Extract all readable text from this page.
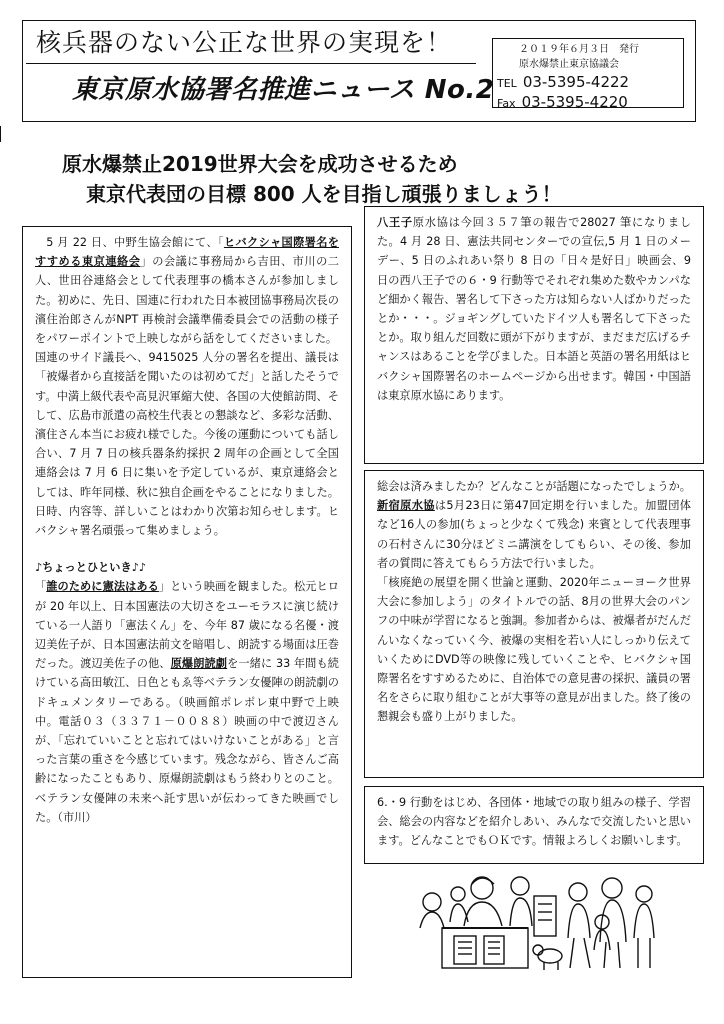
核兵器のない公正な世界の実現を！
東京原水協署名推進ニュース No.2
２０１９年６月３日　発行
原水爆禁止東京協議会
TEL 03-5395-4222
Fax 03-5395-4220
原水爆禁止2019世界大会を成功させるため
東京代表団の目標 800 人を目指し頑張りましょう！

5 月 22 日、中野生協会館にて、「ヒバクシャ国際署名をすすめる東京連絡会」の会議に事務局から吉田、市川の二人、世田谷連絡会として代表理事の橋本さんが参加しました。初めに、先日、国連に行われた日本被団協事務局次長の濱住治郎さんがNPT 再検討会議準備委員会での活動の様子をパワーポイントで上映しながら話をしてくださいました。

国連のサイド議長へ、9415025 人分の署名を提出、議長は「被爆者から直接話を聞いたのは初めてだ」と話したそうです。中満上級代表や高見沢軍縮大使、各国の大使館訪問、そして、広島市派遣の高校生代表との懇談など、多彩な活動、濱住さん本当にお疲れ様でした。今後の運動についても話し合い、7 月 7 日の核兵器条約採択 2 周年の企画として全国連絡会は 7 月 6 日に集いを予定しているが、東京連絡会としては、昨年同様、秋に独自企画をやることになりました。日時、内容等、詳しいことはわかり次第お知らせします。ヒバクシャ署名頑張って集めましょう。

♪ちょっとひといき♪♪

「誰のために憲法はある」という映画を観ました。松元ヒロが 20 年以上、日本国憲法の大切さをユーモラスに演じ続けている一人語り「憲法くん」を、今年 87 歳になる名優・渡辺美佐子が、日本国憲法前文を暗唱し、朗読する場面は圧巻だった。渡辺美佐子の他、原爆朗読劇を一緒に 33 年間も続けている高田敏江、日色ともゑ等ベテラン女優陣の朗読劇のドキュメンタリーである。（映画館ポレポレ東中野で上映中。電話０３（３３７１－００８８）映画の中で渡辺さんが、「忘れていいことと忘れてはいけないことがある」と言った言葉の重さを今感じています。残念ながら、皆さんご高齢になったこともあり、原爆朗読劇はもう終わりとのこと。ベテラン女優陣の未来へ託す思いが伝わってきた映画でした。（市川）

八王子原水協は今回３５７筆の報告で28027 筆になりました。4 月 28 日、憲法共同センターでの宣伝,5 月 1 日のメーデー、5 日のふれあい祭り 8 日の「日々是好日」映画会、9 日の西八王子での６・9 行動等でそれぞれ集めた数やカンパなど細かく報告、署名して下さった方は知らない人ばかりだったとか・・・。ジョギングしていたドイツ人も署名して下さったとか。取り組んだ回数に頭が下がりますが、まだまだ広げるチャンスはあることを学びました。日本語と英語の署名用紙はヒバクシャ国際署名のホームページから出せます。韓国・中国語は東京原水協にあります。

総会は済みましたか？どんなことが話題になったでしょうか。新宿原水協は5月23日に第47回定期を行いました。加盟団体など16人の参加(ちょっと少なくて残念) 来賓として代表理事の石村さんに30分ほどミニ講演をしてもらい、その後、参加者の質問に答えてもらう方法で行いました。

「核廃絶の展望を開く世論と運動、2020年ニューヨーク世界大会に参加しよう」のタイトルでの話、8月の世界大会のパンフの中味が学習になると強調。参加者からは、被爆者がだんだんいなくなっていく今、被爆の実相を若い人にしっかり伝えていくためにDVD等の映像に残していくことや、ヒバクシャ国際署名をすすめるために、自治体での意見書の採択、議員の署名をさらに取り組むことが大事等の意見が出ました。終了後の懇親会も盛り上がりました。

6.・9 行動をはじめ、各団体・地域での取り組みの様子、学習会、総会の内容などを紹介しあい、みんなで交流したいと思います。どんなことでもＯＫです。情報よろしくお願いします。
